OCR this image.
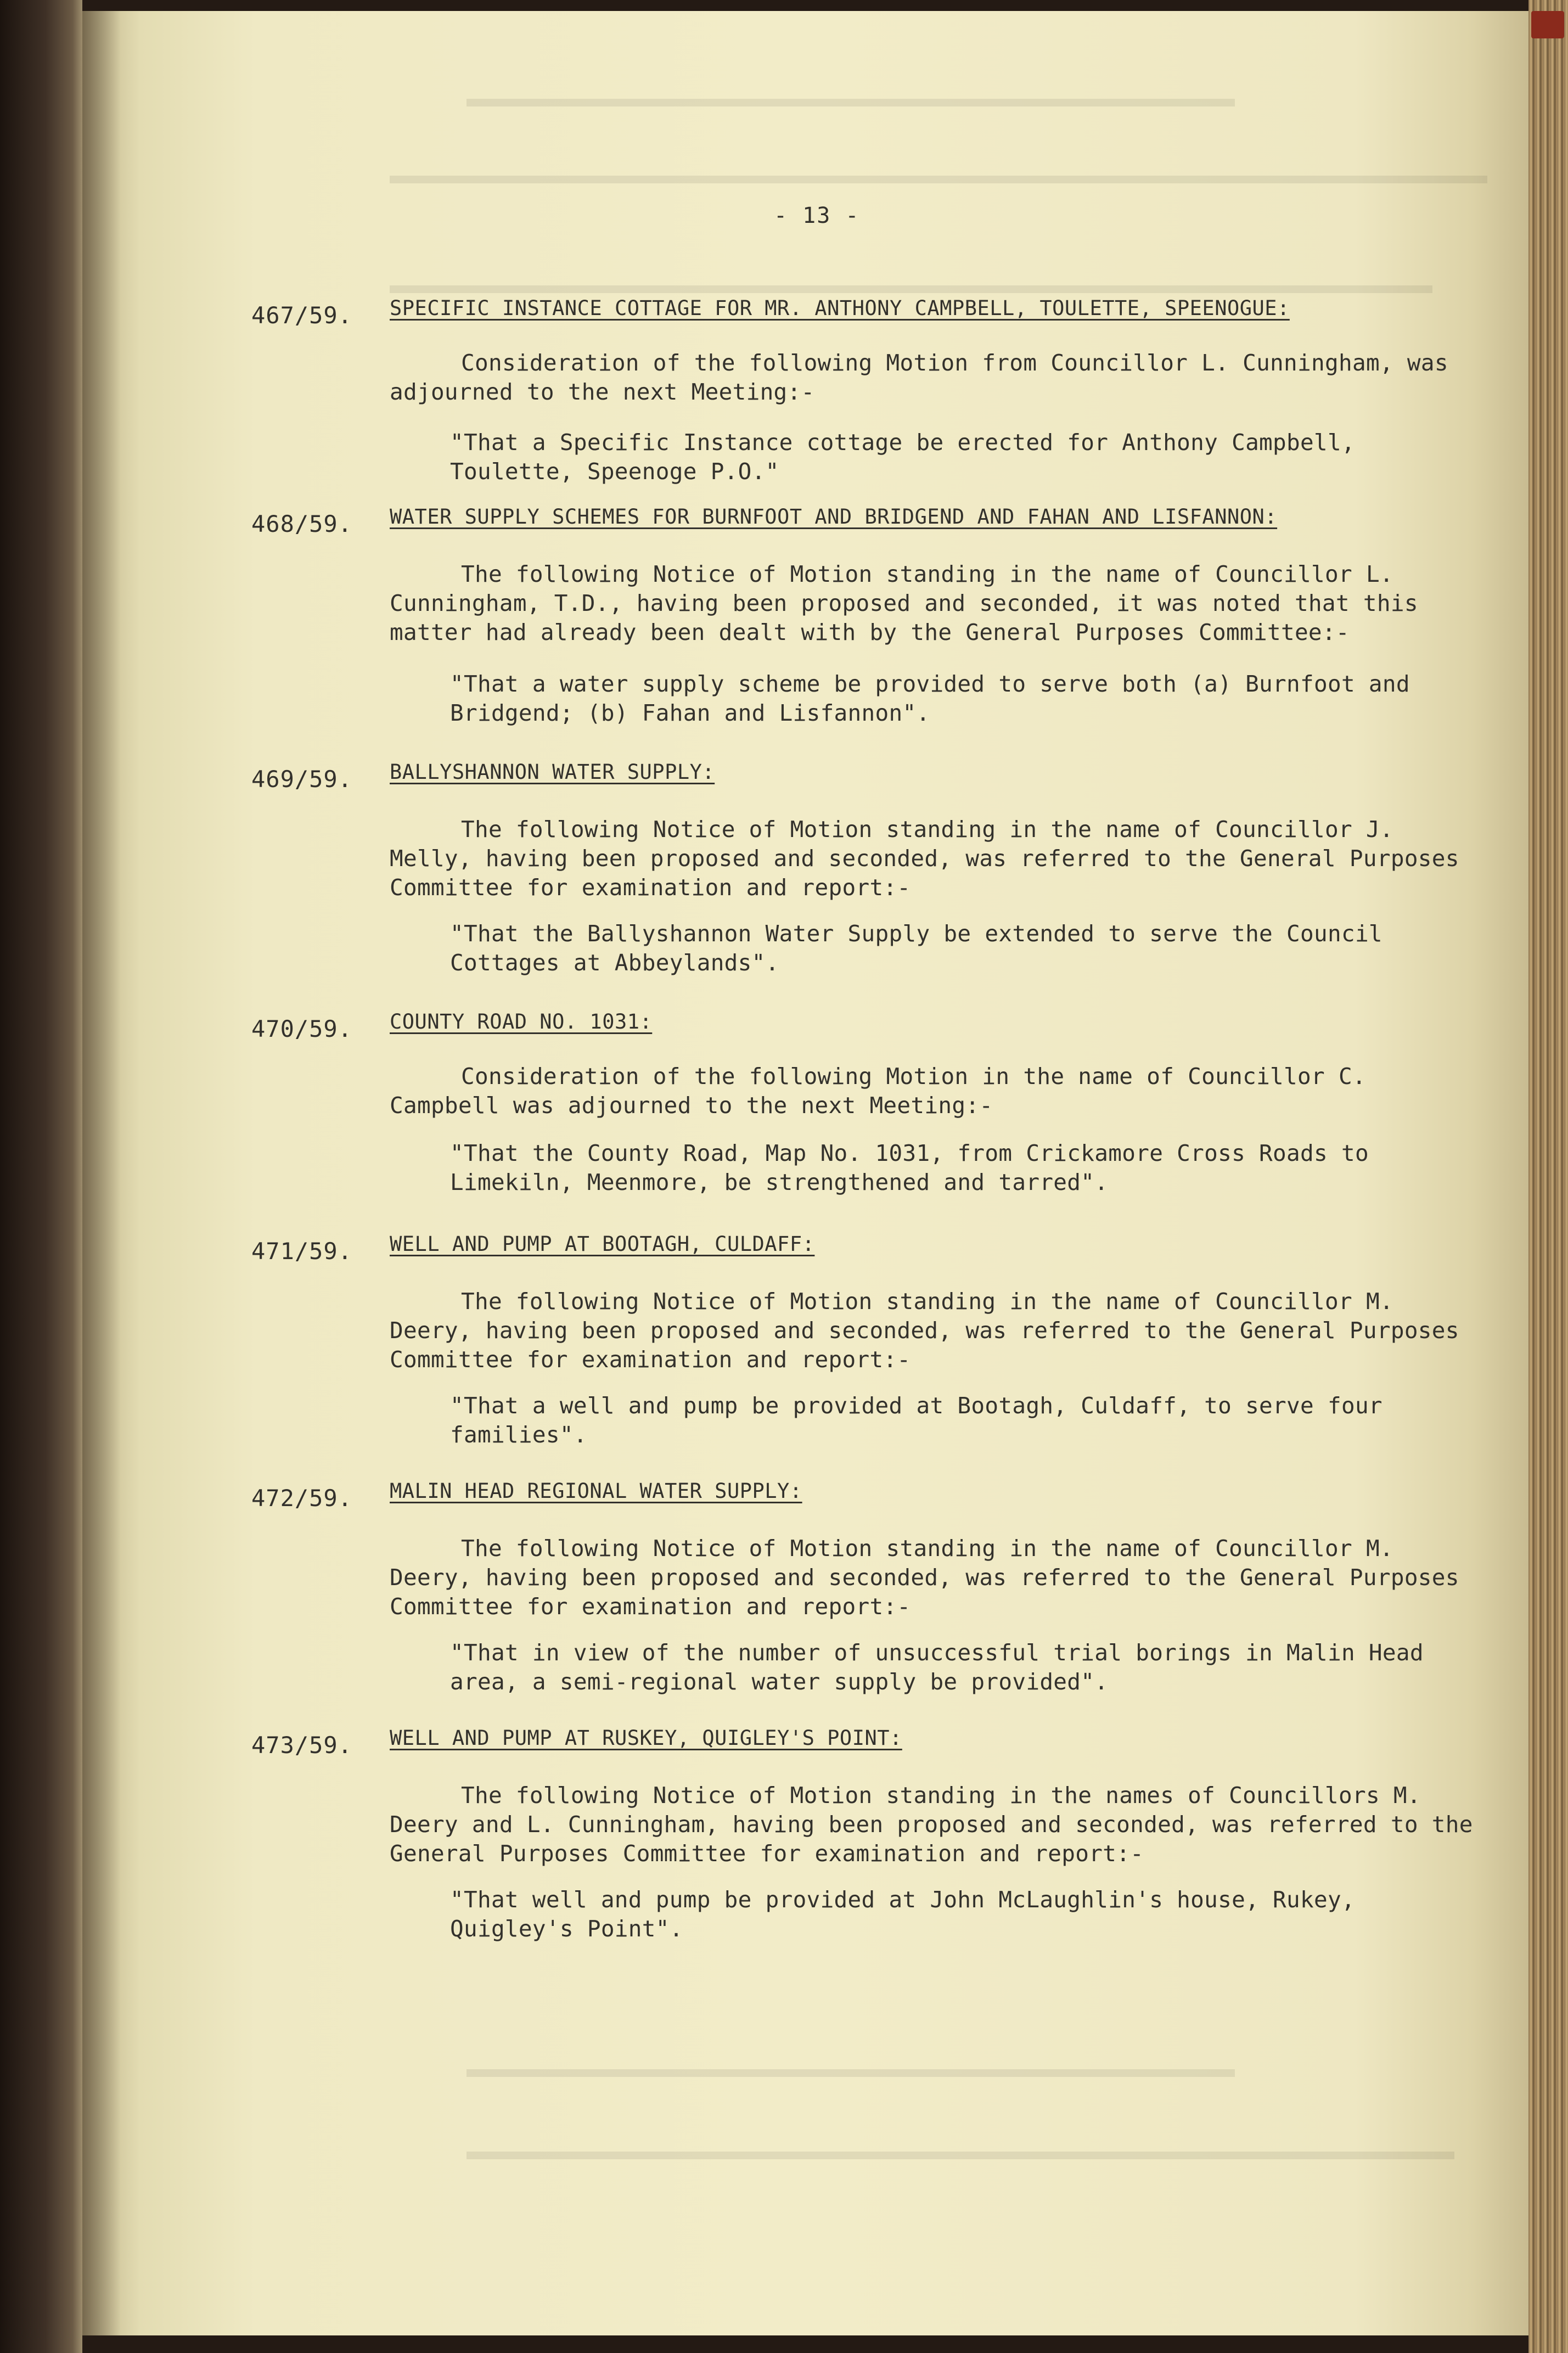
- 13 -
467/59. SPECIFIC INSTANCE COTTAGE FOR MR. ANTHONY CAMPBELL, TOULETTE, SPEENOGUE:

Consideration of the following Motion from Councillor L. Cunningham, was adjourned to the next Meeting:-

"That a Specific Instance cottage be erected for Anthony Campbell, Toulette, Speenoge P.O."

468/59. WATER SUPPLY SCHEMES FOR BURNFOOT AND BRIDGEND AND FAHAN AND LISFANNON:

The following Notice of Motion standing in the name of Councillor L. Cunningham, T.D., having been proposed and seconded, it was noted that this matter had already been dealt with by the General Purposes Committee:-

"That a water supply scheme be provided to serve both (a) Burnfoot and Bridgend; (b) Fahan and Lisfannon".

469/59. BALLYSHANNON WATER SUPPLY:

The following Notice of Motion standing in the name of Councillor J. Melly, having been proposed and seconded, was referred to the General Purposes Committee for examination and report:-

"That the Ballyshannon Water Supply be extended to serve the Council Cottages at Abbeylands".

470/59. COUNTY ROAD NO. 1031:

Consideration of the following Motion in the name of Councillor C. Campbell was adjourned to the next Meeting:-

"That the County Road, Map No. 1031, from Crickamore Cross Roads to Limekiln, Meenmore, be strengthened and tarred".

471/59. WELL AND PUMP AT BOOTAGH, CULDAFF:

The following Notice of Motion standing in the name of Councillor M. Deery, having been proposed and seconded, was referred to the General Purposes Committee for examination and report:-

"That a well and pump be provided at Bootagh, Culdaff, to serve four families".

472/59. MALIN HEAD REGIONAL WATER SUPPLY:

The following Notice of Motion standing in the name of Councillor M. Deery, having been proposed and seconded, was referred to the General Purposes Committee for examination and report:-

"That in view of the number of unsuccessful trial borings in Malin Head area, a semi-regional water supply be provided".

473/59. WELL AND PUMP AT RUSKEY, QUIGLEY'S POINT:

The following Notice of Motion standing in the names of Councillors M. Deery and L. Cunningham, having been proposed and seconded, was referred to the General Purposes Committee for examination and report:-

"That well and pump be provided at John McLaughlin's house, Rukey, Quigley's Point".
